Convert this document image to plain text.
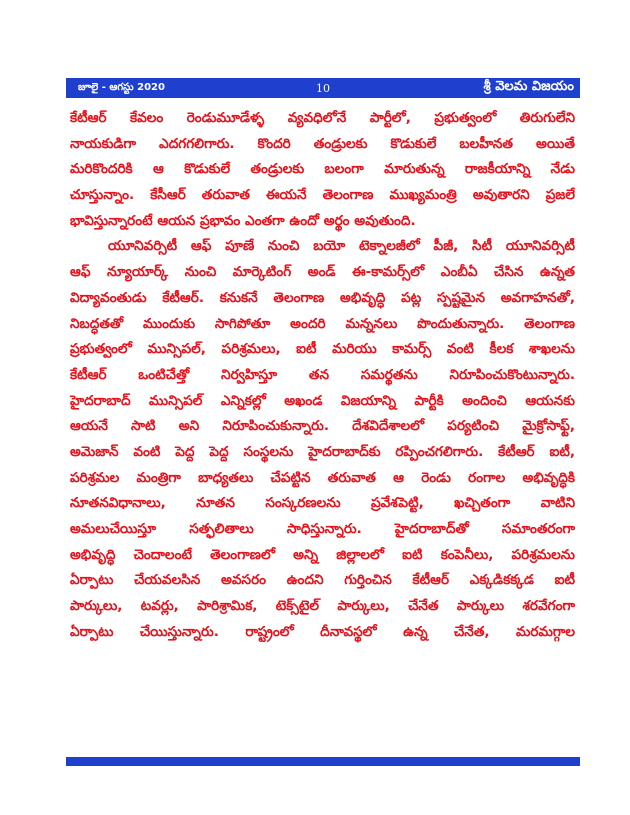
జూలై - ఆగస్టు 2020	10	శ్రీ వెలమ విజయం
కేటీఆర్ కేవలం రెండుమూడేళ్ళ వ్యవధిలోనే పార్టీలో, ప్రభుత్వంలో తిరుగులేని
నాయకుడిగా ఎదగగలిగారు. కొందరి తండ్రులకు కొడుకులే బలహీనత అయితే
మరికొందరికి ఆ కొడుకులే తండ్రులకు బలంగా మారుతున్న రాజకీయాన్ని నేడు
చూస్తున్నాం. కేసీఆర్ తరువాత ఈయనే తెలంగాణ ముఖ్యమంత్రి అవుతారని ప్రజలే
భావిస్తున్నారంటే ఆయన ప్రభావం ఎంతగా ఉందో అర్థం అవుతుంది.
యూనివర్సిటీ ఆఫ్ పూణే నుంచి బయో టెక్నాలజీలో పీజీ, సిటీ యూనివర్సిటీ
ఆఫ్ న్యూయార్క్ నుంచి మార్కెటింగ్ అండ్ ఈ-కామర్స్‌లో ఎంబీఏ చేసిన ఉన్నత
విద్యావంతుడు కేటీఆర్. కనుకనే తెలంగాణ అభివృద్ధి పట్ల స్పష్టమైన అవగాహనతో,
నిబద్ధతతో ముందుకు సాగిపోతూ అందరి మన్ననలు పొందుతున్నారు. తెలంగాణ
ప్రభుత్వంలో మున్సిపల్, పరిశ్రమలు, ఐటీ మరియు కామర్స్ వంటి కీలక శాఖలను
కేటీఆర్ ఒంటిచేత్తో నిర్వహిస్తూ తన సమర్థతను నిరూపించుకొంటున్నారు.
హైదరాబాద్ మున్సిపల్ ఎన్నికల్లో అఖండ విజయాన్ని పార్టీకి అందించి ఆయనకు
ఆయనే సాటి అని నిరూపించుకున్నారు. దేశవిదేశాలలో పర్యటించి మైక్రోసాఫ్ట్,
అమెజాన్ వంటి పెద్ద పెద్ద సంస్థలను హైదరాబాద్‌కు రప్పించగలిగారు. కేటీఆర్ ఐటీ,
పరిశ్రమల మంత్రిగా బాధ్యతలు చేపట్టిన తరువాత ఆ రెండు రంగాల అభివృద్ధికి
నూతనవిధానాలు, నూతన సంస్కరణలను ప్రవేశపెట్టి, ఖచ్చితంగా వాటిని
అమలుచేయిస్తూ సత్ఫలితాలు సాధిస్తున్నారు. హైదరాబాద్‌తో సమాంతరంగా
అభివృద్ధి చెందాలంటే తెలంగాణలో అన్ని జిల్లాలలో ఐటి కంపెనీలు, పరిశ్రమలను
ఏర్పాటు చేయవలసిన అవసరం ఉందని గుర్తించిన కేటీఆర్ ఎక్కడికక్కడ ఐటీ
పార్కులు, టవర్లు, పారిశ్రామిక, టెక్స్‌టైల్ పార్కులు, చేనేత పార్కులు శరవేగంగా
ఏర్పాటు చేయిస్తున్నారు. రాష్ట్రంలో దీనావస్థలో ఉన్న చేనేత, మరమగ్గాల
